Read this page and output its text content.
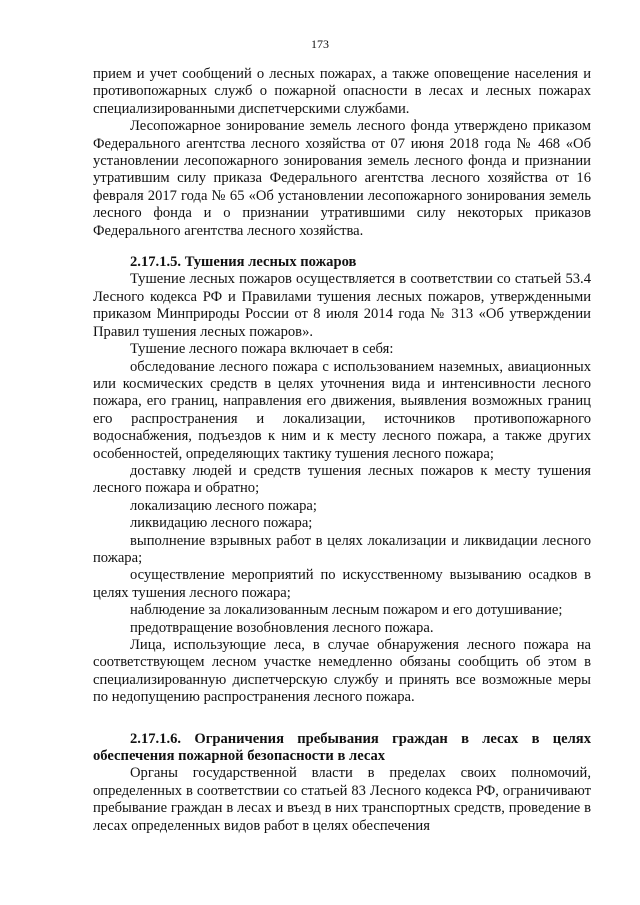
173

прием и учет сообщений о лесных пожарах, а также оповещение населения и противопожарных служб о пожарной опасности в лесах и лесных пожарах специализированными диспетчерскими службами.

Лесопожарное зонирование земель лесного фонда утверждено приказом Федерального агентства лесного хозяйства от 07 июня 2018 года № 468 «Об установлении лесопожарного зонирования земель лесного фонда и признании утратившим силу приказа Федерального агентства лесного хозяйства от 16 февраля 2017 года № 65 «Об установлении лесопожарного зонирования земель лесного фонда и о признании утратившими силу некоторых приказов Федерального агентства лесного хозяйства.

2.17.1.5. Тушения лесных пожаров

Тушение лесных пожаров осуществляется в соответствии со статьей 53.4 Лесного кодекса РФ и Правилами тушения лесных пожаров, утвержденными приказом Минприроды России от 8 июля 2014 года № 313 «Об утверждении Правил тушения лесных пожаров».

Тушение лесного пожара включает в себя:

обследование лесного пожара с использованием наземных, авиационных или космических средств в целях уточнения вида и интенсивности лесного пожара, его границ, направления его движения, выявления возможных границ его распространения и локализации, источников противопожарного водоснабжения, подъездов к ним и к месту лесного пожара, а также других особенностей, определяющих тактику тушения лесного пожара;

доставку людей и средств тушения лесных пожаров к месту тушения лесного пожара и обратно;

локализацию лесного пожара;

ликвидацию лесного пожара;

выполнение взрывных работ в целях локализации и ликвидации лесного пожара;

осуществление мероприятий по искусственному вызыванию осадков в целях тушения лесного пожара;

наблюдение за локализованным лесным пожаром и его дотушивание;

предотвращение возобновления лесного пожара.

Лица, использующие леса, в случае обнаружения лесного пожара на соответствующем лесном участке немедленно обязаны сообщить об этом в специализированную диспетчерскую службу и принять все возможные меры по недопущению распространения лесного пожара.

2.17.1.6. Ограничения пребывания граждан в лесах в целях обеспечения пожарной безопасности в лесах

Органы государственной власти в пределах своих полномочий, определенных в соответствии со статьей 83 Лесного кодекса РФ, ограничивают пребывание граждан в лесах и въезд в них транспортных средств, проведение в лесах определенных видов работ в целях обеспечения
